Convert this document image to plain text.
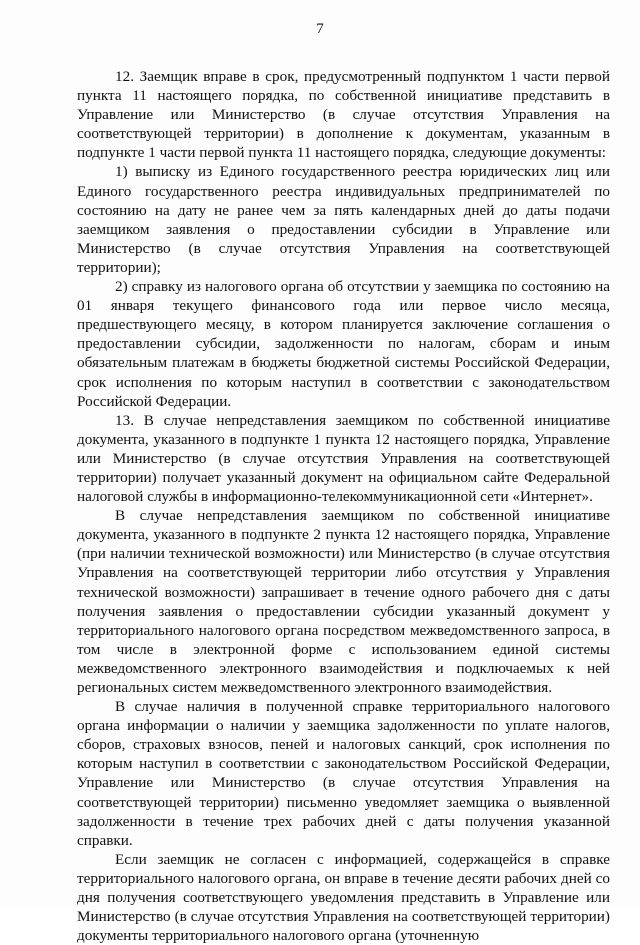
7

12. Заемщик вправе в срок, предусмотренный подпунктом 1 части первой пункта 11 настоящего порядка, по собственной инициативе представить в Управление или Министерство (в случае отсутствия Управления на соответствующей территории) в дополнение к документам, указанным в подпункте 1 части первой пункта 11 настоящего порядка, следующие документы:

1) выписку из Единого государственного реестра юридических лиц или Единого государственного реестра индивидуальных предпринимателей по состоянию на дату не ранее чем за пять календарных дней до даты подачи заемщиком заявления о предоставлении субсидии в Управление или Министерство (в случае отсутствия Управления на соответствующей территории);

2) справку из налогового органа об отсутствии у заемщика по состоянию на 01 января текущего финансового года или первое число месяца, предшествующего месяцу, в котором планируется заключение соглашения о предоставлении субсидии, задолженности по налогам, сборам и иным обязательным платежам в бюджеты бюджетной системы Российской Федерации, срок исполнения по которым наступил в соответствии с законодательством Российской Федерации.

13. В случае непредставления заемщиком по собственной инициативе документа, указанного в подпункте 1 пункта 12 настоящего порядка, Управление или Министерство (в случае отсутствия Управления на соответствующей территории) получает указанный документ на официальном сайте Федеральной налоговой службы в информационно-телекоммуникационной сети «Интернет».

В случае непредставления заемщиком по собственной инициативе документа, указанного в подпункте 2 пункта 12 настоящего порядка, Управление (при наличии технической возможности) или Министерство (в случае отсутствия Управления на соответствующей территории либо отсутствия у Управления технической возможности) запрашивает в течение одного рабочего дня с даты получения заявления о предоставлении субсидии указанный документ у территориального налогового органа посредством межведомственного запроса, в том числе в электронной форме с использованием единой системы межведомственного электронного взаимодействия и подключаемых к ней региональных систем межведомственного электронного взаимодействия.

В случае наличия в полученной справке территориального налогового органа информации о наличии у заемщика задолженности по уплате налогов, сборов, страховых взносов, пеней и налоговых санкций, срок исполнения по которым наступил в соответствии с законодательством Российской Федерации, Управление или Министерство (в случае отсутствия Управления на соответствующей территории) письменно уведомляет заемщика о выявленной задолженности в течение трех рабочих дней с даты получения указанной справки.

Если заемщик не согласен с информацией, содержащейся в справке территориального налогового органа, он вправе в течение десяти рабочих дней со дня получения соответствующего уведомления представить в Управление или Министерство (в случае отсутствия Управления на соответствующей территории) документы территориального налогового органа (уточненную
